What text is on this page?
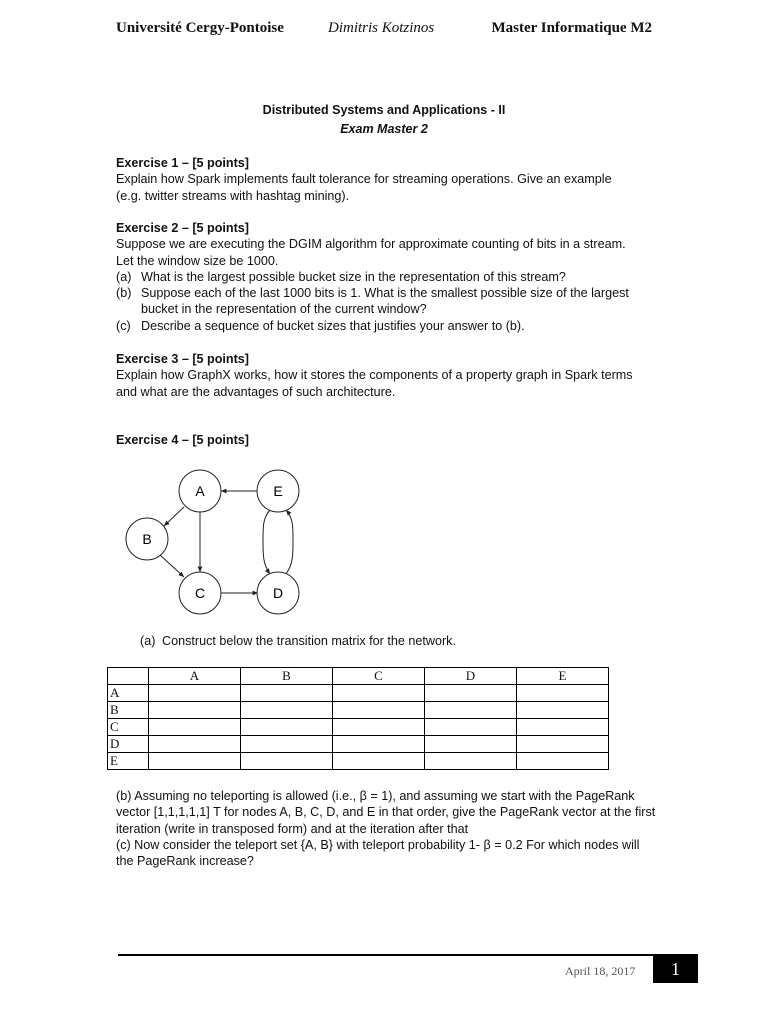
Université Cergy-Pontoise	Dimitris Kotzinos	Master Informatique M2
Distributed Systems and Applications - II
Exam Master 2
Exercise 1 – [5 points]
Explain how Spark implements fault tolerance for streaming operations. Give an example
(e.g. twitter streams with hashtag mining).
Exercise 2 – [5 points]
Suppose we are executing the DGIM algorithm for approximate counting of bits in a stream.
Let the window size be 1000.
(a) What is the largest possible bucket size in the representation of this stream?
(b) Suppose each of the last 1000 bits is 1. What is the smallest possible size of the largest bucket in the representation of the current window?
(c) Describe a sequence of bucket sizes that justifies your answer to (b).
Exercise 3 – [5 points]
Explain how GraphX works, how it stores the components of a property graph in Spark terms
and what are the advantages of such architecture.
Exercise 4 – [5 points]
A
B
C	D
E
(a) Construct below the transition matrix for the network.
	A	B	C	D	E
A					
B					
C					
D					
E					
(b) Assuming no teleporting is allowed (i.e., β = 1), and assuming we start with the PageRank vector [1,1,1,1,1] T for nodes A, B, C, D, and E in that order, give the PageRank vector at the first iteration (write in transposed form) and at the iteration after that
(c) Now consider the teleport set {A, B} with teleport probability 1- β = 0.2 For which nodes will the PageRank increase?
April 18, 2017	1
